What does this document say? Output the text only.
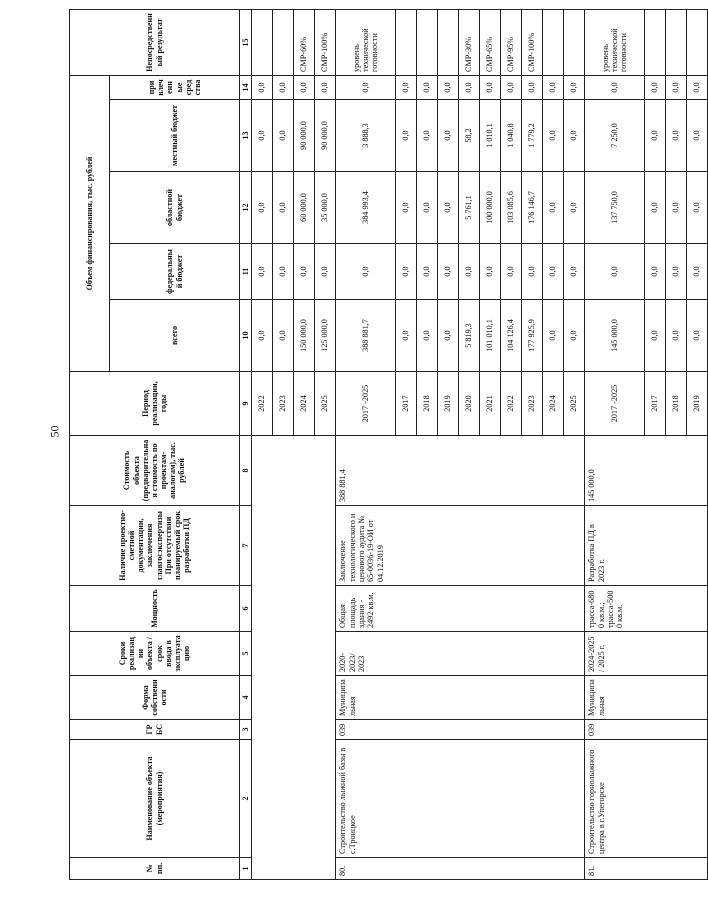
50
№ пп.	Наименование объекта (мероприятия)	ГРБС	Форма собственности	Сроки реализации объекта / срок ввода в эксплуатацию	Мощность	Наличие проектно-сметной документации, заключения главгосэкспертизы При отсутствии планируемый срок разработки ПД	Стоимость объекта (предварительная стоимость по проектам-аналогам), тыс. рублей	Период реализации, годы	Объем финансирования, тыс. рублей					Непосредственный результат
									всего	федеральный бюджет	областной бюджет	местный бюджет	привлеченные средства	
1	2	3	4	5	6	7	8	9	10	11	12	13	14	15
								2022	0,0	0,0	0,0	0,0	0,0	
								2023	0,0	0,0	0,0	0,0	0,0	
								2024	150 000,0	0,0	60 000,0	90 000,0	0,0	СМР-60%
								2025	125 000,0	0,0	35 000,0	90 000,0	0,0	СМР-100%
80.	Строительство лыжной базы в с.Троицкое	039	Муниципальная	2020-2023/ 2023	Общая площадь здания - 2492 кв.м.	Заключение технологического и ценового аудита № 65-0036-19-ОИ от 04.12.2019	388 881,4	2017 -2025	388 881,7	0,0	384 993,4	3 888,3	0,0	уровень технической готовности
								2017	0,0	0,0	0,0	0,0	0,0	
								2018	0,0	0,0	0,0	0,0	0,0	
								2019	0,0	0,0	0,0	0,0	0,0	
								2020	5 819,3	0,0	5 761,1	58,2	0,0	СМР-30%
								2021	101 010,1	0,0	100 000,0	1 010,1	0,0	СМР-65%
								2022	104 126,4	0,0	103 085,6	1 040,8	0,0	СМР-95%
								2023	177 925,9	0,0	176 146,7	1 779,2	0,0	СМР-100%
								2024	0,0	0,0	0,0	0,0	0,0	
								2025	0,0	0,0	0,0	0,0	0,0	
81.	Строительство горнолыжного центра в г.Упегорске	039	Муниципальная	2024-2025 / 2025 г.	трасса-6800 кв.м.; трасса-5000 кв.м.	Разработка ПД в 2023 г.	145 000,0	2017 -2025	145 000,0	0,0	137 750,0	7 250,0	0,0	уровень технической готовности
								2017	0,0	0,0	0,0	0,0	0,0	
								2018	0,0	0,0	0,0	0,0	0,0	
								2019	0,0	0,0	0,0	0,0	0,0	
